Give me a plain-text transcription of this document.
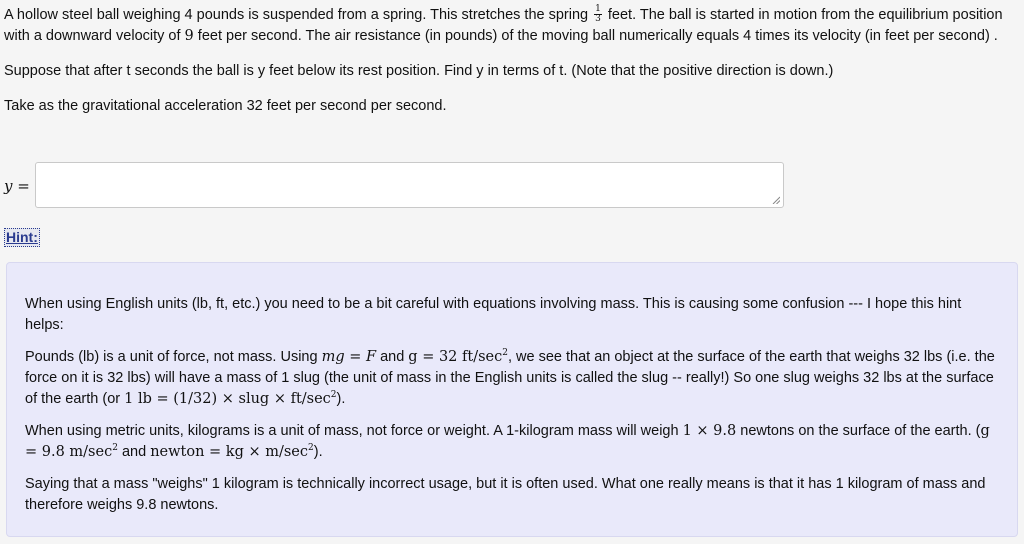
A hollow steel ball weighing 4 pounds is suspended from a spring. This stretches the spring $\frac{1}{3}$ feet. The ball is started in motion from the equilibrium position with a downward velocity of 9 feet per second. The air resistance (in pounds) of the moving ball numerically equals 4 times its velocity (in feet per second) .

Suppose that after t seconds the ball is y feet below its rest position. Find y in terms of t. (Note that the positive direction is down.)

Take as the gravitational acceleration 32 feet per second per second.

y =
Hint:

When using English units (lb, ft, etc.) you need to be a bit careful with equations involving mass. This is causing some confusion --- I hope this hint helps:

Pounds (lb) is a unit of force, not mass. Using mg = F and g = 32 $ft/\sec^2$, we see that an object at the surface of the earth that weighs 32 lbs (i.e. the force on it is 32 lbs) will have a mass of 1 slug (the unit of mass in the English units is called the slug -- really!) So one slug weighs 32 lbs at the surface of the earth (or 1 lb = (1/32) × slug × $ft/\sec^2$).

When using metric units, kilograms is a unit of mass, not force or weight. A 1-kilogram mass will weigh 1 × 9.8 newtons on the surface of the earth. (g = 9.8 $m/\sec^2$ and newton = kg × $m/\sec^2$).

Saying that a mass "weighs" 1 kilogram is technically incorrect usage, but it is often used. What one really means is that it has 1 kilogram of mass and therefore weighs 9.8 newtons.
